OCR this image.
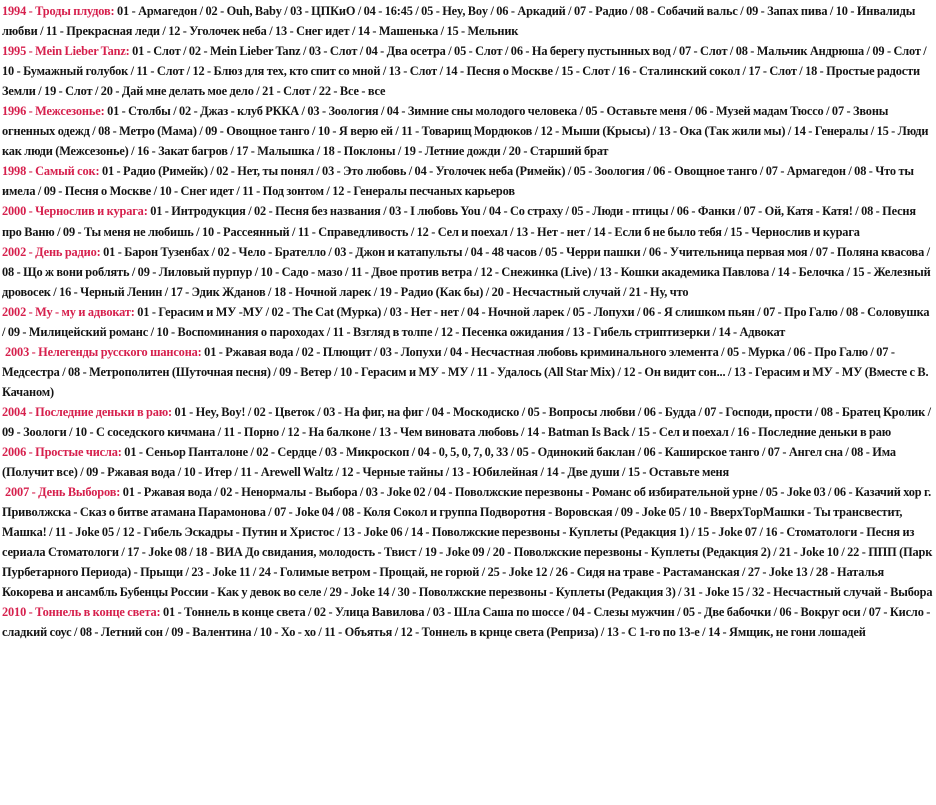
1994 - Троды плудов: 01 - Армагедон / 02 - Ouh, Baby / 03 - ЦПКиО / 04 - 16:45 / 05 - Hey, Boy / 06 - Аркадий / 07 - Радио / 08 - Собачий вальс / 09 - Запах пива / 10 - Инвалиды любви / 11 - Прекрасная леди / 12 - Уголочек неба / 13 - Снег идет / 14 - Машенька / 15 - Мельник

1995 - Mein Lieber Tanz: 01 - Слот / 02 - Mein Lieber Tanz / 03 - Слот / 04 - Два осетра / 05 - Слот / 06 - На берегу пустынных вод / 07 - Слот / 08 - Мальчик Андрюша / 09 - Слот / 10 - Бумажный голубок / 11 - Слот / 12 - Блюз для тех, кто спит со мной / 13 - Слот / 14 - Песня о Москве / 15 - Слот / 16 - Сталинский сокол / 17 - Слот / 18 - Простые радости Земли / 19 - Слот / 20 - Дай мне делать мое дело / 21 - Слот / 22 - Все - все

1996 - Межсезонье: 01 - Столбы / 02 - Джаз - клуб РККА / 03 - Зоология / 04 - Зимние сны молодого человека / 05 - Оставьте меня / 06 - Музей мадам Тюссо / 07 - Звоны огненных одежд / 08 - Метро (Мама) / 09 - Овощное танго / 10 - Я верю ей / 11 - Товарищ Мордюков / 12 - Мыши (Крысы) / 13 - Ока (Так жили мы) / 14 - Генералы / 15 - Люди как люди (Межсезонье) / 16 - Закат багров / 17 - Малышка / 18 - Поклоны / 19 - Летние дожди / 20 - Старший брат

1998 - Самый сок: 01 - Радио (Римейк) / 02 - Нет, ты понял / 03 - Это любовь / 04 - Уголочек неба (Римейк) / 05 - Зоология / 06 - Овощное танго / 07 - Армагедон / 08 - Что ты имела / 09 - Песня о Москве / 10 - Снег идет / 11 - Под зонтом / 12 - Генералы песчаных карьеров

2000 - Чернослив и курага: 01 - Интродукция / 02 - Песня без названия / 03 - I любовь You / 04 - Со страху / 05 - Люди - птицы / 06 - Фанки / 07 - Ой, Катя - Катя! / 08 - Песня про Ваню / 09 - Ты меня не любишь / 10 - Рассеянный / 11 - Справедливость / 12 - Сел и поехал / 13 - Нет - нет / 14 - Если б не было тебя / 15 - Чернослив и курага

2002 - День радио: 01 - Барон Тузенбах / 02 - Чело - Брателло / 03 - Джон и катапульты / 04 - 48 часов / 05 - Черри пашки / 06 - Учительница первая моя / 07 - Поляна квасова / 08 - Що ж вони роблять / 09 - Лиловый пурпур / 10 - Садо - мазо / 11 - Двое против ветра / 12 - Снежинка (Live) / 13 - Кошки академика Павлова / 14 - Белочка / 15 - Железный дровосек / 16 - Черный Ленин / 17 - Эдик Жданов / 18 - Ночной ларек / 19 - Радио (Как бы) / 20 - Несчастный случай / 21 - Ну, что

2002 - Му - му и адвокат: 01 - Герасим и МУ -МУ / 02 - The Cat (Мурка) / 03 - Нет - нет / 04 - Ночной ларек / 05 - Лопухи / 06 - Я слишком пьян / 07 - Про Галю / 08 - Соловушка / 09 - Милицейский романс / 10 - Воспоминания о пароходах / 11 - Взгляд в толпе / 12 - Песенка ожидания / 13 - Гибель стриптизерки / 14 - Адвокат

2003 - Нелегенды русского шансона: 01 - Ржавая вода / 02 - Плющит / 03 - Лопухи / 04 - Несчастная любовь криминального элемента / 05 - Мурка / 06 - Про Галю / 07 - Медсестра / 08 - Метрополитен (Шуточная песня) / 09 - Ветер / 10 - Герасим и МУ - МУ / 11 - Удалось (All Star Mix) / 12 - Он видит сон... / 13 - Герасим и МУ - МУ (Вместе с В. Качаном)

2004 - Последние деньки в раю: 01 - Hey, Boy! / 02 - Цветок / 03 - На фиг, на фиг / 04 - Москодиско / 05 - Вопросы любви / 06 - Будда / 07 - Господи, прости / 08 - Братец Кролик / 09 - Зоологи / 10 - С соседского кичмана / 11 - Порно / 12 - На балконе / 13 - Чем виновата любовь / 14 - Batman Is Back / 15 - Сел и поехал / 16 - Последние деньки в раю

2006 - Простые числа: 01 - Сеньор Панталоне / 02 - Сердце / 03 - Микроскоп / 04 - 0, 5, 0, 7, 0, 33 / 05 - Одинокий баклан / 06 - Каширское танго / 07 - Ангел сна / 08 - Има (Получит все) / 09 - Ржавая вода / 10 - Итер / 11 - Arewell Waltz / 12 - Черные тайны / 13 - Юбилейная / 14 - Две души / 15 - Оставьте меня

2007 - День Выборов: 01 - Ржавая вода / 02 - Ненормалы - Выбора / 03 - Joke 02 / 04 - Поволжские перезвоны - Романс об избирательной урне / 05 - Joke 03 / 06 - Казачий хор г. Приволжска - Сказ о битве атамана Парамонова / 07 - Joke 04 / 08 - Коля Сокол и группа Подворотня - Воровская / 09 - Joke 05 / 10 - ВверхТорМашки - Ты трансвестит, Машка! / 11 - Joke 05 / 12 - Гибель Эскадры - Путин и Христос / 13 - Joke 06 / 14 - Поволжские перезвоны - Куплеты (Редакция 1) / 15 - Joke 07 / 16 - Стоматологи - Песня из сериала Стоматологи / 17 - Joke 08 / 18 - ВИА До свидания, молодость - Твист / 19 - Joke 09 / 20 - Поволжские перезвоны - Куплеты (Редакция 2) / 21 - Joke 10 / 22 - ППП (Парк Пурбетарного Периода) - Прыщи / 23 - Joke 11 / 24 - Голимые ветром - Прощай, не горюй / 25 - Joke 12 / 26 - Сидя на траве - Растаманская / 27 - Joke 13 / 28 - Наталья Кокорева и ансамбль Бубенцы России - Как у девок во селе / 29 - Joke 14 / 30 - Поволжские перезвоны - Куплеты (Редакция 3) / 31 - Joke 15 / 32 - Несчастный случай - Выбора

2010 - Тоннель в конце света: 01 - Тоннель в конце света / 02 - Улица Вавилова / 03 - Шла Саша по шоссе / 04 - Слезы мужчин / 05 - Две бабочки / 06 - Вокруг оси / 07 - Кисло - сладкий соус / 08 - Летний сон / 09 - Валентина / 10 - Хо - хо / 11 - Объятья / 12 - Тоннель в крнце света (Репризa) / 13 - С 1-го по 13-е / 14 - Ямщик, не гони лошадей
